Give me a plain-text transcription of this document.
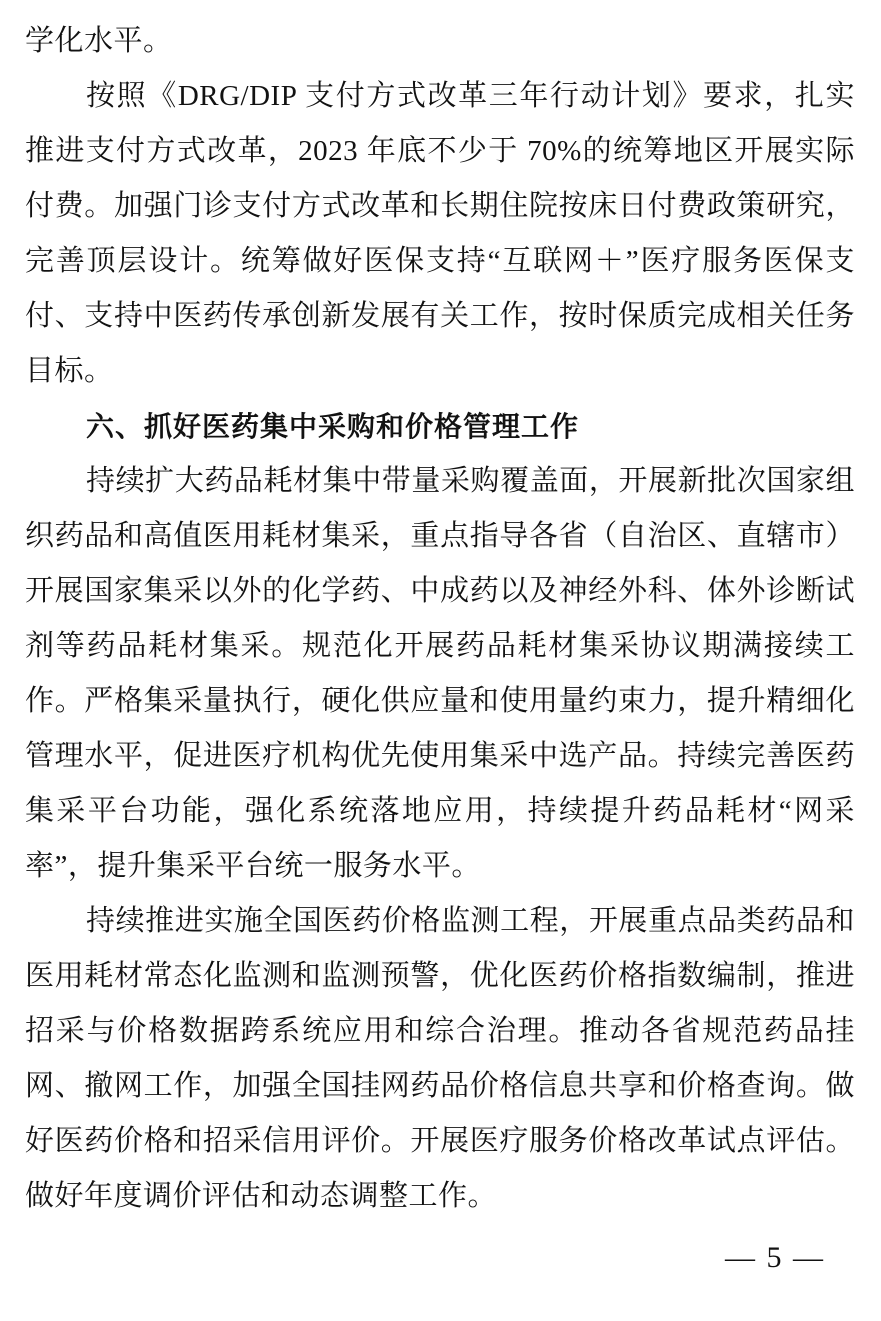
学化水平。
按照《DRG/DIP 支付方式改革三年行动计划》要求，扎实
推进支付方式改革，2023 年底不少于 70%的统筹地区开展实际
付费。加强门诊支付方式改革和长期住院按床日付费政策研究，
完善顶层设计。统筹做好医保支持“互联网＋”医疗服务医保支
付、支持中医药传承创新发展有关工作，按时保质完成相关任务
目标。
六、抓好医药集中采购和价格管理工作
持续扩大药品耗材集中带量采购覆盖面，开展新批次国家组
织药品和高值医用耗材集采，重点指导各省（自治区、直辖市）
开展国家集采以外的化学药、中成药以及神经外科、体外诊断试
剂等药品耗材集采。规范化开展药品耗材集采协议期满接续工
作。严格集采量执行，硬化供应量和使用量约束力，提升精细化
管理水平，促进医疗机构优先使用集采中选产品。持续完善医药
集采平台功能，强化系统落地应用，持续提升药品耗材“网采
率”，提升集采平台统一服务水平。
持续推进实施全国医药价格监测工程，开展重点品类药品和
医用耗材常态化监测和监测预警，优化医药价格指数编制，推进
招采与价格数据跨系统应用和综合治理。推动各省规范药品挂
网、撤网工作，加强全国挂网药品价格信息共享和价格查询。做
好医药价格和招采信用评价。开展医疗服务价格改革试点评估。
做好年度调价评估和动态调整工作。
— 5 —
